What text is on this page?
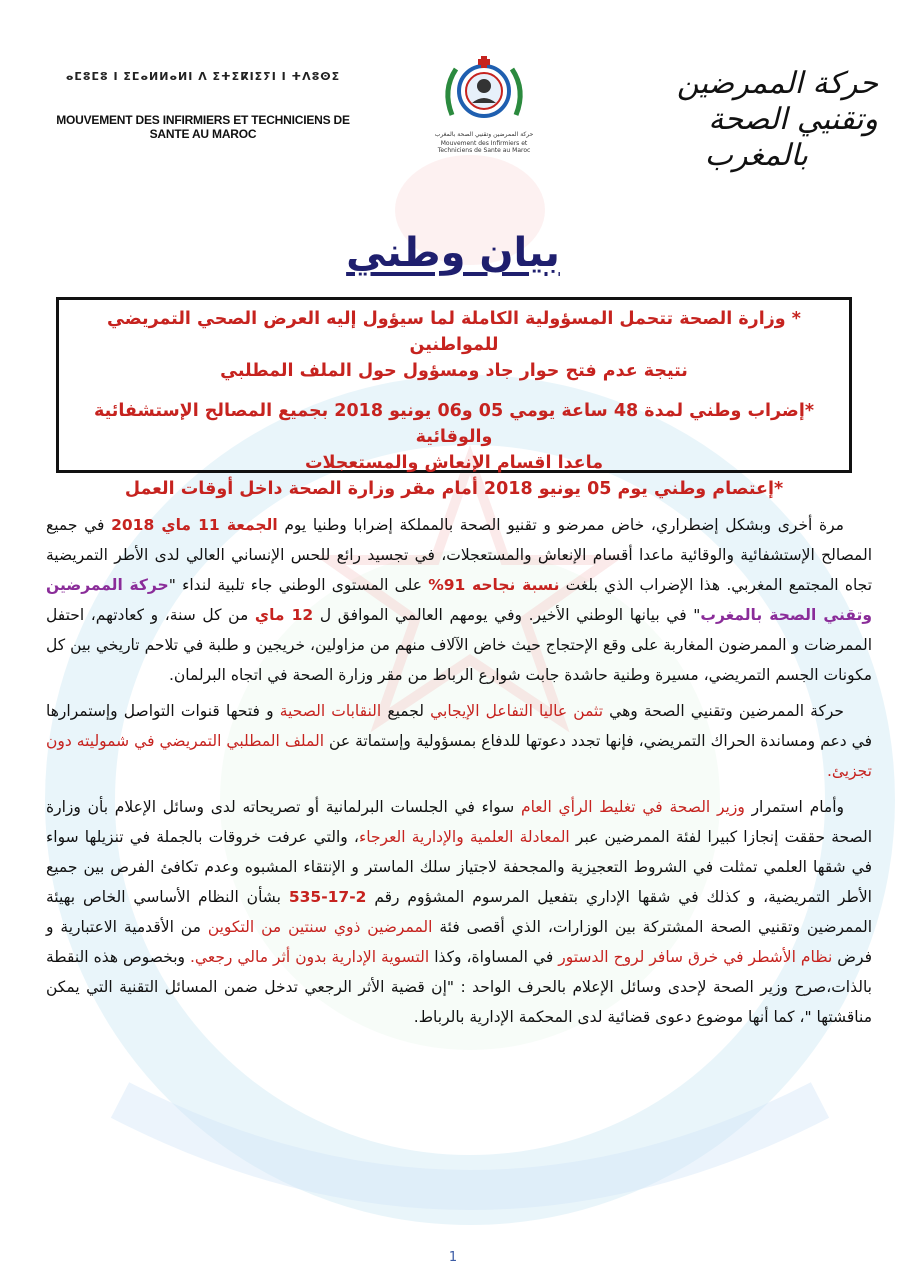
ⴰⵎⵓⵎⵓ ⵏ ⵉⵎⴰⵍⵍⴰⵍⵏ ⴷ ⵉⵜⵉⴽⵏⵉⵢⵏ ⵏ ⵜⴷⵓⵙⵉ
MOUVEMENT DES INFIRMIERS ET TECHNICIENS DE SANTE AU MAROC	حركة الممرضين وتقنيي الصحة بالمغرب
Mouvement des Infirmiers et Techniciens de Sante au Maroc
حركة الممرضين وتقنيي الصحة
بالمغرب
بيان وطني

* وزارة الصحة تتحمل المسؤولية الكاملة لما سيؤول إليه العرض الصحي التمريضي للمواطنين

نتيجة عدم فتح حوار جاد ومسؤول حول الملف المطلبي

*إضراب وطني لمدة 48 ساعة يومي 05 و06 يونيو 2018 بجميع المصالح الإستشفائية والوقائية

ماعدا اقسام الإنعاش والمستعجلات

*إعتصام وطني يوم 05 يونيو 2018 أمام مقر وزارة الصحة داخل أوقات العمل

مرة أخرى وبشكل إضطراري، خاض ممرضو و تقنيو الصحة بالمملكة إضرابا وطنيا يوم الجمعة 11 ماي 2018 في جميع المصالح الإستشفائية والوقائية ماعدا أقسام الإنعاش والمستعجلات، في تجسيد رائع للحس الإنساني العالي لدى الأطر التمريضية تجاه المجتمع المغربي. هذا الإضراب الذي بلغت نسبة نجاحه 91% على المستوى الوطني جاء تلبية لنداء "حركة الممرضين وتقني الصحة بالمغرب" في بيانها الوطني الأخير. وفي يومهم العالمي الموافق ل 12 ماي من كل سنة، و كعادتهم، احتفل الممرضات و الممرضون المغاربة على وقع الإحتجاج حيث خاض الآلاف منهم من مزاولين، خريجين و طلبة في تلاحم تاريخي بين كل مكونات الجسم التمريضي، مسيرة وطنية حاشدة جابت شوارع الرباط من مقر وزارة الصحة في اتجاه البرلمان.

حركة الممرضين وتقنيي الصحة وهي تثمن عاليا التفاعل الإيجابي لجميع النقابات الصحية و فتحها قنوات التواصل وإستمرارها في دعم ومساندة الحراك التمريضي، فإنها تجدد دعوتها للدفاع بمسؤولية وإستماتة عن الملف المطلبي التمريضي في شموليته دون تجزيئ.

وأمام استمرار وزير الصحة في تغليط الرأي العام سواء في الجلسات البرلمانية أو تصريحاته لدى وسائل الإعلام بأن وزارة الصحة حققت إنجازا كبيرا لفئة الممرضين عبر المعادلة العلمية والإدارية العرجاء، والتي عرفت خروقات بالجملة في تنزيلها سواء في شقها العلمي تمثلت في الشروط التعجيزية والمجحفة لاجتياز سلك الماستر و الإنتقاء المشبوه وعدم تكافئ الفرص بين جميع الأطر التمريضية، و كذلك في شقها الإداري بتفعيل المرسوم المشؤوم رقم 2-17-535 بشأن النظام الأساسي الخاص بهيئة الممرضين وتقنيي الصحة المشتركة بين الوزارات، الذي أقصى فئة الممرضين ذوي سنتين من التكوين من الأقدمية الاعتبارية و فرض نظام الأشطر في خرق سافر لروح الدستور في المساواة، وكذا التسوية الإدارية بدون أثر مالي رجعي. وبخصوص هذه النقطة بالذات،صرح وزير الصحة لإحدى وسائل الإعلام بالحرف الواحد : "إن قضية الأثر الرجعي تدخل ضمن المسائل التقنية التي يمكن مناقشتها "، كما أنها موضوع دعوى قضائية لدى المحكمة الإدارية بالرباط.

1
